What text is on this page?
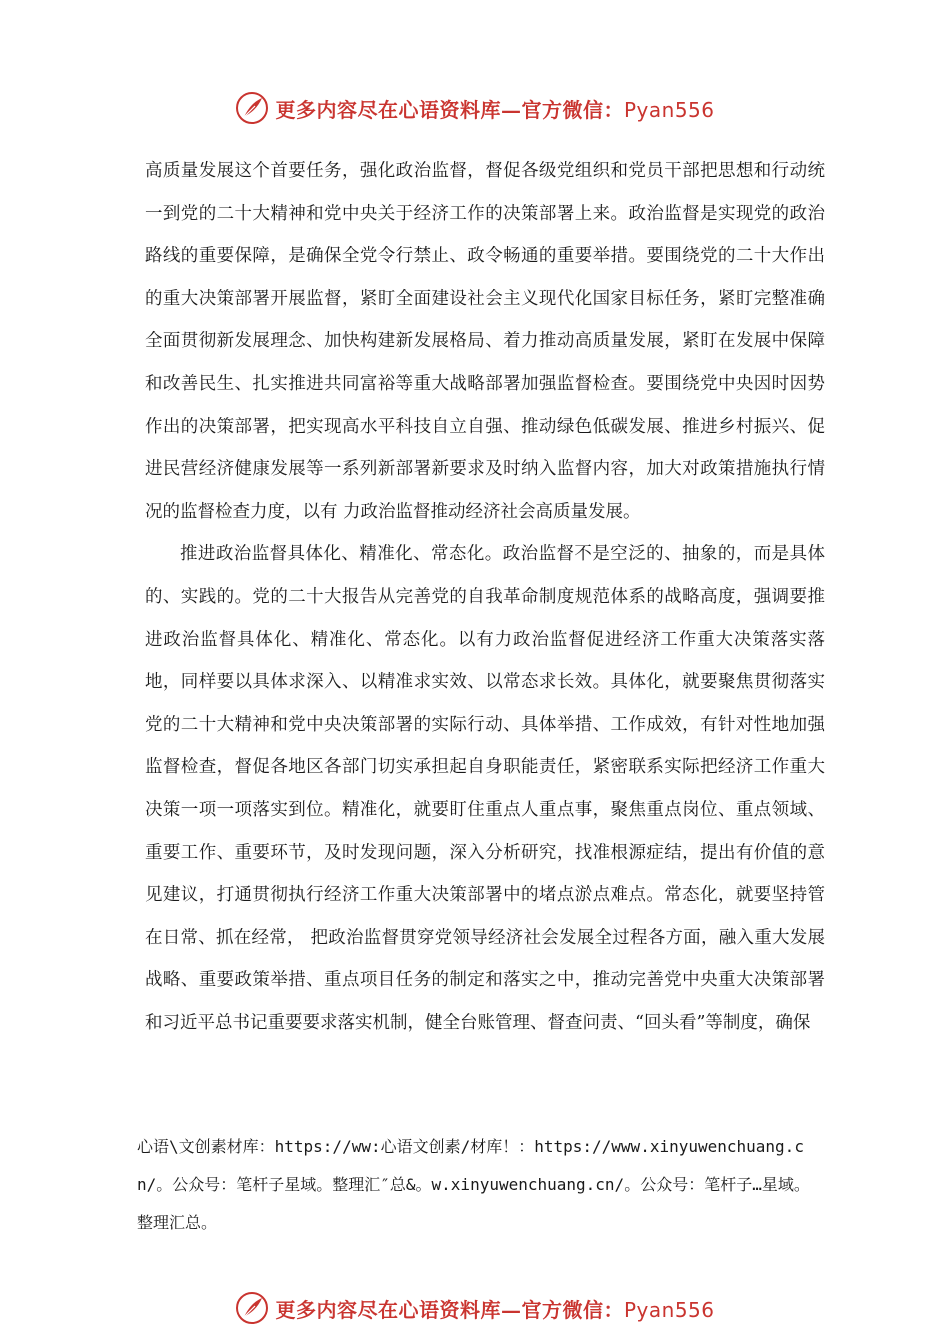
更多内容尽在心语资料库—官方微信：Pyan556

高质量发展这个首要任务，强化政治监督，督促各级党组织和党员干部把思想和行动统一到党的二十大精神和党中央关于经济工作的决策部署上来。政治监督是实现党的政治路线的重要保障，是确保全党令行禁止、政令畅通的重要举措。要围绕党的二十大作出的重大决策部署开展监督，紧盯全面建设社会主义现代化国家目标任务，紧盯完整准确全面贯彻新发展理念、加快构建新发展格局、着力推动高质量发展，紧盯在发展中保障和改善民生、扎实推进共同富裕等重大战略部署加强监督检查。要围绕党中央因时因势作出的决策部署，把实现高水平科技自立自强、推动绿色低碳发展、推进乡村振兴、促进民营经济健康发展等一系列新部署新要求及时纳入监督内容，加大对政策措施执行情况的监督检查力度，以有 力政治监督推动经济社会高质量发展。

推进政治监督具体化、精准化、常态化。政治监督不是空泛的、抽象的，而是具体的、实践的。党的二十大报告从完善党的自我革命制度规范体系的战略高度，强调要推进政治监督具体化、精准化、常态化。以有力政治监督促进经济工作重大决策落实落地，同样要以具体求深入、以精准求实效、以常态求长效。具体化，就要聚焦贯彻落实党的二十大精神和党中央决策部署的实际行动、具体举措、工作成效，有针对性地加强监督检查，督促各地区各部门切实承担起自身职能责任，紧密联系实际把经济工作重大决策一项一项落实到位。精准化，就要盯住重点人重点事，聚焦重点岗位、重点领域、重要工作、重要环节，及时发现问题，深入分析研究，找准根源症结，提出有价值的意见建议，打通贯彻执行经济工作重大决策部署中的堵点淤点难点。常态化，就要坚持管在日常、抓在经常， 把政治监督贯穿党领导经济社会发展全过程各方面，融入重大发展战略、重要政策举措、重点项目任务的制定和落实之中，推动完善党中央重大决策部署和习近平总书记重要要求落实机制，健全台账管理、督查问责、“回头看”等制度，确保

心语\文创素材库：https://ww:心语文创素/材库！：https://www.xinyuwenchuang.cn/。公众号：笔杆子星域。整理汇″总&。w.xinyuwenchuang.cn/。公众号：笔杆子…星域。整理汇总。
更多内容尽在心语资料库—官方微信：Pyan556
